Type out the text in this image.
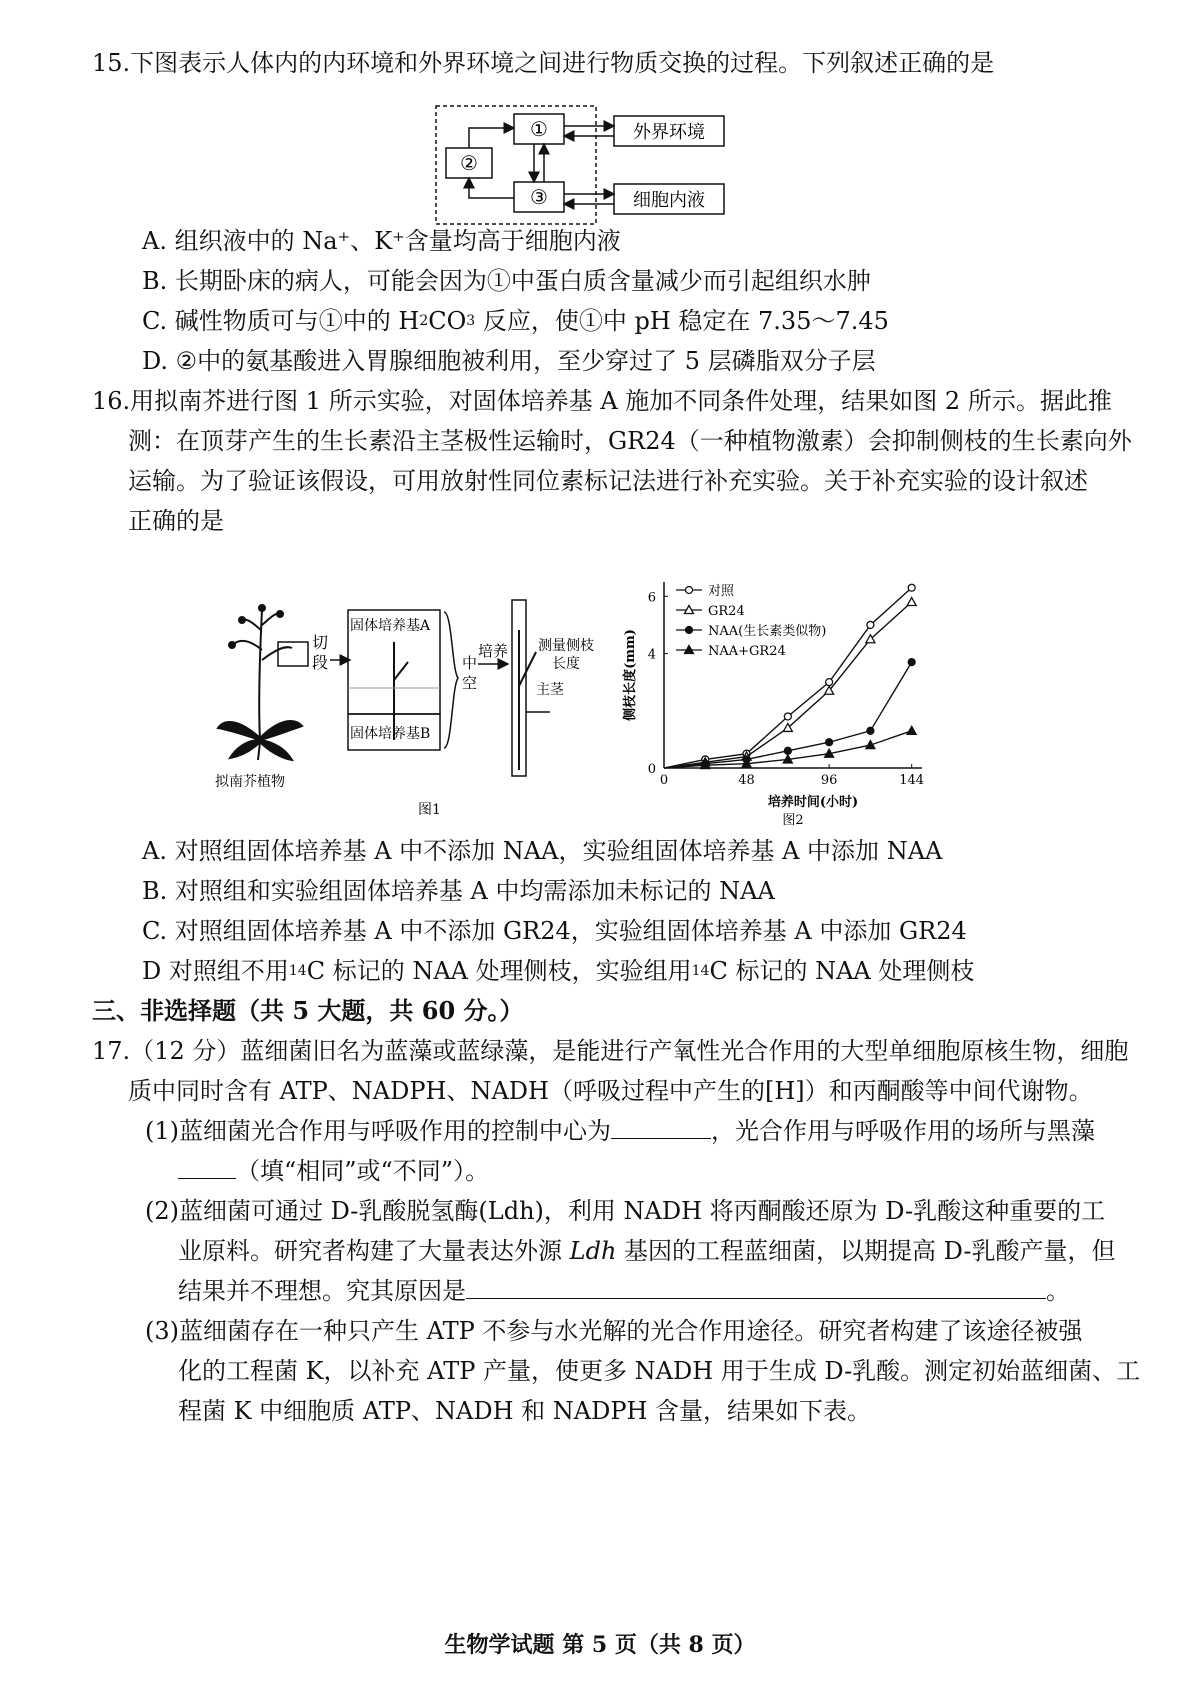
15.下图表示人体内的内环境和外界环境之间进行物质交换的过程。下列叙述正确的是
①
②
③
外界环境
细胞内液
A. 组织液中的 Na⁺、K⁺含量均高于细胞内液
B. 长期卧床的病人，可能会因为①中蛋白质含量减少而引起组织水肿
C. 碱性物质可与①中的 H2CO3 反应，使①中 pH 稳定在 7.35～7.45
D. ②中的氨基酸进入胃腺细胞被利用，至少穿过了 5 层磷脂双分子层
16.用拟南芥进行图 1 所示实验，对固体培养基 A 施加不同条件处理，结果如图 2 所示。据此推
测：在顶芽产生的生长素沿主茎极性运输时，GR24（一种植物激素）会抑制侧枝的生长素向外
运输。为了验证该假设，可用放射性同位素标记法进行补充实验。关于补充实验的设计叙述
正确的是
切
段
拟南芥植物
固体培养基A
固体培养基B
中
空
培养 测量侧枝
长度
主茎
图1
0	48	96	144
0
4
6
培养时间(小时)
侧枝长度(mm)
图2
对照
GR24
NAA(生长素类似物)
NAA+GR24
A. 对照组固体培养基 A 中不添加 NAA，实验组固体培养基 A 中添加 NAA
B. 对照组和实验组固体培养基 A 中均需添加未标记的 NAA
C. 对照组固体培养基 A 中不添加 GR24，实验组固体培养基 A 中添加 GR24
D 对照组不用$^{14}$C 标记的 NAA 处理侧枝，实验组用$^{14}$C 标记的 NAA 处理侧枝
三、非选择题（共 5 大题，共 60 分。）
17.（12 分）蓝细菌旧名为蓝藻或蓝绿藻，是能进行产氧性光合作用的大型单细胞原核生物，细胞
质中同时含有 ATP、NADPH、NADH（呼吸过程中产生的[H]）和丙酮酸等中间代谢物。
(1)蓝细菌光合作用与呼吸作用的控制中心为	，光合作用与呼吸作用的场所与黑藻
（填“相同”或“不同”）。
(2)蓝细菌可通过 D-乳酸脱氢酶(Ldh)，利用 NADH 将丙酮酸还原为 D-乳酸这种重要的工
业原料。研究者构建了大量表达外源 Ldh 基因的工程蓝细菌，以期提高 D-乳酸产量，但
结果并不理想。究其原因是	。
(3)蓝细菌存在一种只产生 ATP 不参与水光解的光合作用途径。研究者构建了该途径被强
化的工程菌 K，以补充 ATP 产量，使更多 NADH 用于生成 D-乳酸。测定初始蓝细菌、工
程菌 K 中细胞质 ATP、NADH 和 NADPH 含量，结果如下表。
生物学试题 第 5 页（共 8 页）
